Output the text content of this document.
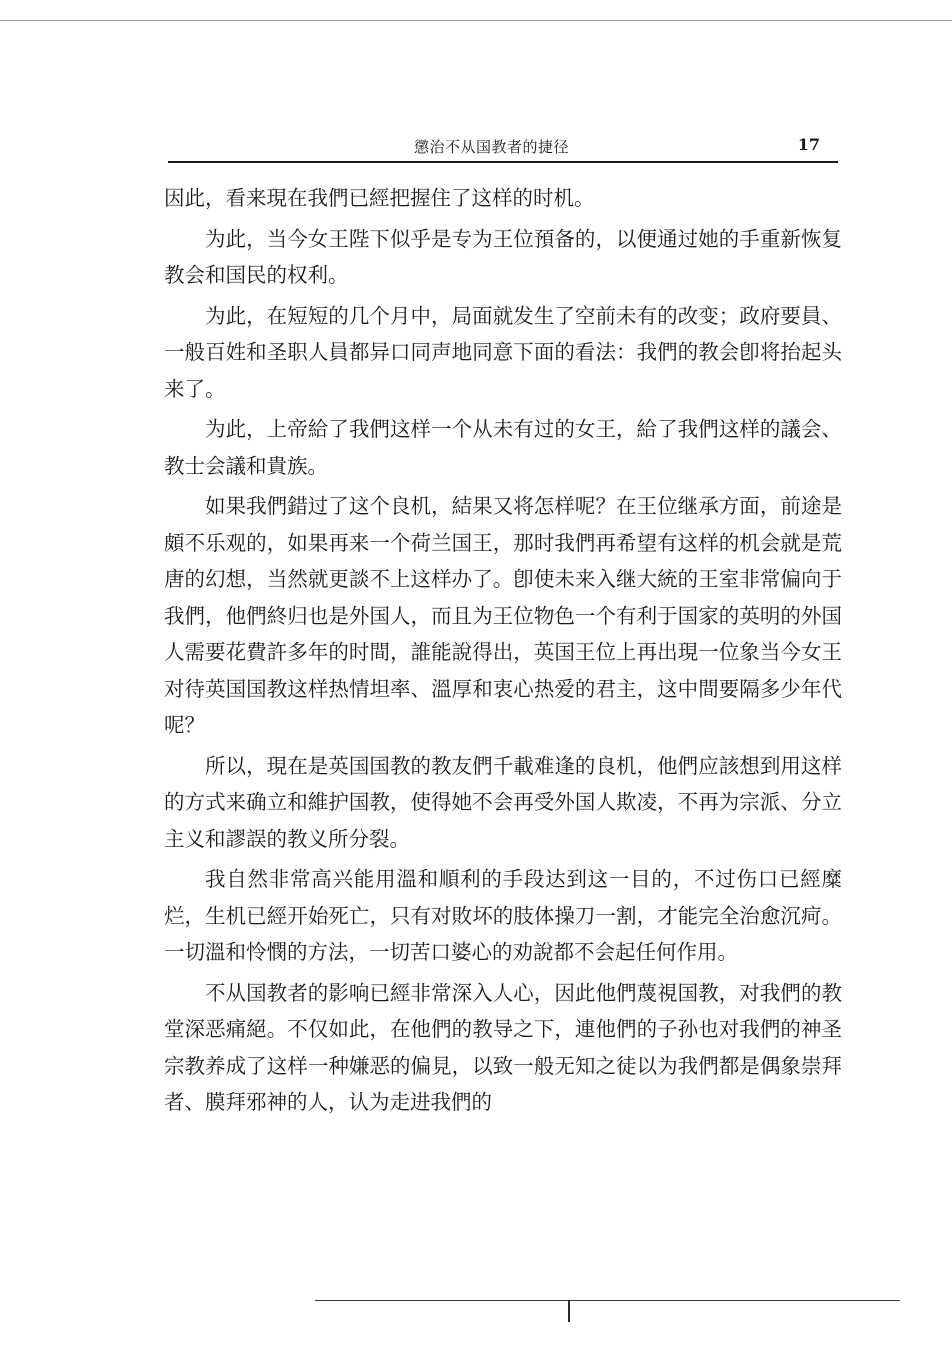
懲治不从国教者的捷径	17

因此，看来現在我們已經把握住了这样的时机。

为此，当今女王陛下似乎是专为王位預备的，以便通过她的手重新恢复教会和国民的权利。

为此，在短短的几个月中，局面就发生了空前未有的改变；政府要員、一般百姓和圣职人員都异口同声地同意下面的看法：我們的教会卽将抬起头来了。

为此，上帝給了我們这样一个从未有过的女王，給了我們这样的議会、教士会議和貴族。

如果我們錯过了这个良机，結果又将怎样呢？在王位继承方面，前途是頗不乐观的，如果再来一个荷兰国王，那时我們再希望有这样的机会就是荒唐的幻想，当然就更談不上这样办了。卽使未来入继大統的王室非常偏向于我們，他們終归也是外国人，而且为王位物色一个有利于国家的英明的外国人需要花費許多年的时間，誰能說得出，英国王位上再出現一位象当今女王对待英国国教这样热情坦率、溫厚和衷心热爱的君主，这中間要隔多少年代呢？

所以，現在是英国国教的教友們千載难逢的良机，他們应該想到用这样的方式来确立和維护国教，使得她不会再受外国人欺凌，不再为宗派、分立主义和謬誤的教义所分裂。

我自然非常高兴能用溫和順利的手段达到这一目的，不过伤口已經糜烂，生机已經开始死亡，只有对敗坏的肢体操刀一割，才能完全治愈沉疴。一切溫和怜憫的方法，一切苦口婆心的劝說都不会起任何作用。

不从国教者的影响已經非常深入人心，因此他們蔑視国教，对我們的教堂深恶痛絕。不仅如此，在他們的教导之下，連他們的子孙也对我們的神圣宗教养成了这样一种嫌恶的偏見，以致一般无知之徒以为我們都是偶象崇拜者、膜拜邪神的人，认为走进我們的
